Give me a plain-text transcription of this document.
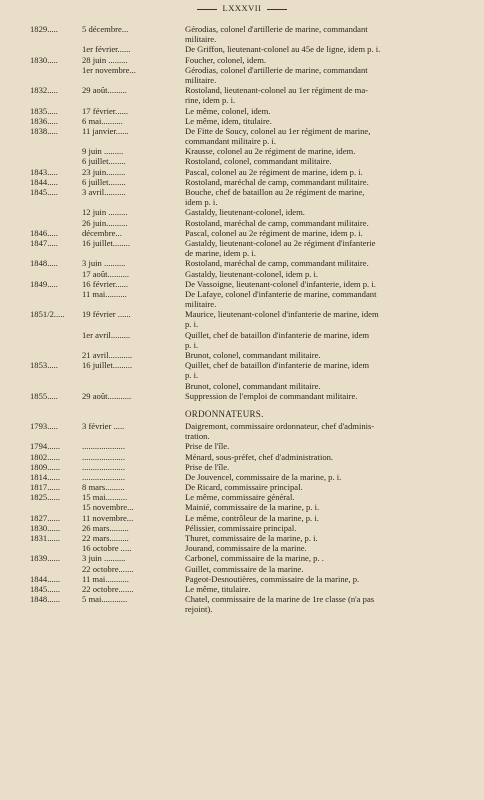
LXXXVII
1829.....	5 décembre...	Gérodias, colonel d'artillerie de marine, commandant
militaire.
1er février......	De Griffon, lieutenant-colonel au 45e de ligne, idem p. i.
1830.....	28 juin .........	Foucher, colonel, idem.
1er novembre...	Gérodias, colonel d'artillerie de marine, commandant
militaire.
1832.....	29 août.........	Rostoland, lieutenant-colonel au 1er régiment de ma-
rine, idem p. i.
1835.....	17 février......	Le même, colonel, idem.
1836.....	6 mai..........	Le même, idem, titulaire.
1838.....	11 janvier......	De Fitte de Soucy, colonel au 1er régiment de marine,
commandant militaire p. i.
9 juin .........	Krausse, colonel au 2e régiment de marine, idem.
6 juillet........	Rostoland, colonel, commandant militaire.
1843.....	23 juin.........	Pascal, colonel au 2e régiment de marine, idem p. i.
1844.....	6 juillet........	Rostoland, maréchal de camp, commandant militaire.
1845.....	3 avril..........	Bouche, chef de bataillon au 2e régiment de marine,
idem p. i.
12 juin .........	Gastaldy, lieutenant-colonel, idem.
26 juin..........	Rostoland, maréchal de camp, commandant militaire.
1846.....	décembre...	Pascal, colonel au 2e régiment de marine, idem p. i.
1847.....	16 juillet........	Gastaldy, lieutenant-colonel au 2e régiment d'infanterie
de marine, idem p. i.
1848.....	3 juin ..........	Rostoland, maréchal de camp, commandant militaire.
17 août..........	Gastaldy, lieutenant-colonel, idem p. i.
1849.....	16 février......	De Vassoigne, lieutenant-colonel d'infanterie, idem p. i.
11 mai..........	De Lafaye, colonel d'infanterie de marine, commandant
militaire.
1851/2.....	19 février ......	Maurice, lieutenant-colonel d'infanterie de marine, idem
p. i.
1er avril.........	Quillet, chef de bataillon d'infanterie de marine, idem
p. i.
21 avril...........	Brunot, colonel, commandant militaire.
1853.....	16 juillet.........	Quillet, chef de bataillon d'infanterie de marine, idem
p. i.
Brunot, colonel, commandant militaire.
1855.....	29 août...........	Suppression de l'emploi de commandant militaire.
ORDONNATEURS.
1793.....	3 février .....	Daigremont, commissaire ordonnateur, chef d'adminis-
tration.
1794......	....................	Prise de l'île.
1802......	....................	Ménard, sous-préfet, chef d'administration.
1809......	....................	Prise de l'île.
1814......	....................	De Jouvencel, commissaire de la marine, p. i.
1817......	8 mars.........	De Ricard, commissaire principal.
1825......	15 mai..........	Le même, commissaire général.
15 novembre...	Mainié, commissaire de la marine, p. i.
1827......	11 novembre...	Le même, contrôleur de la marine, p. i.
1830......	26 mars.........	Pélissier, commissaire principal.
1831......	22 mars.........	Thuret, commissaire de la marine, p. i.
16 octobre .....	Jourand, commissaire de la marine.
1839......	3 juin ..........	Carbonel, commissaire de la marine, p. .
22 octobre.......	Guillet, commissaire de la marine.
1844......	11 mai...........	Pageot-Desnoutières, commissaire de la marine, p.
1845......	22 octobre.......	Le même, titulaire.
1848......	5 mai............	Chatel, commissaire de la marine de 1re classe (n'a pas
rejoint).
